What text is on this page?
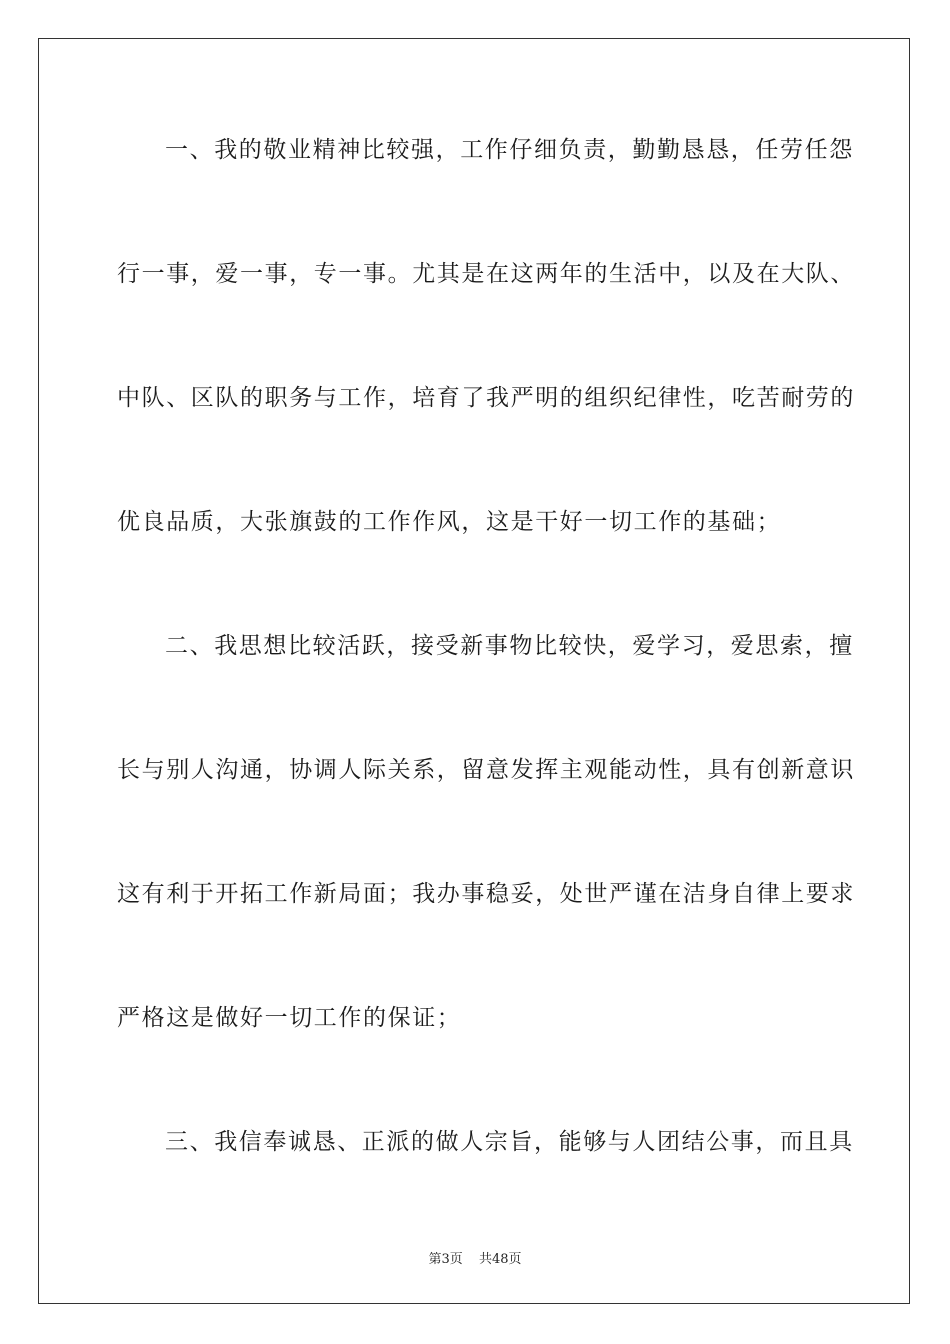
一、我的敬业精神比较强，工作仔细负责，勤勤恳恳，任劳任怨
行一事，爱一事，专一事。尤其是在这两年的生活中，以及在大队、
中队、区队的职务与工作，培育了我严明的组织纪律性，吃苦耐劳的
优良品质，大张旗鼓的工作作风，这是干好一切工作的基础；
二、我思想比较活跃，接受新事物比较快，爱学习，爱思索，擅
长与别人沟通，协调人际关系，留意发挥主观能动性，具有创新意识
这有利于开拓工作新局面；我办事稳妥，处世严谨在洁身自律上要求
严格这是做好一切工作的保证；
三、我信奉诚恳、正派的做人宗旨，能够与人团结公事，而且具
第3页 共48页
